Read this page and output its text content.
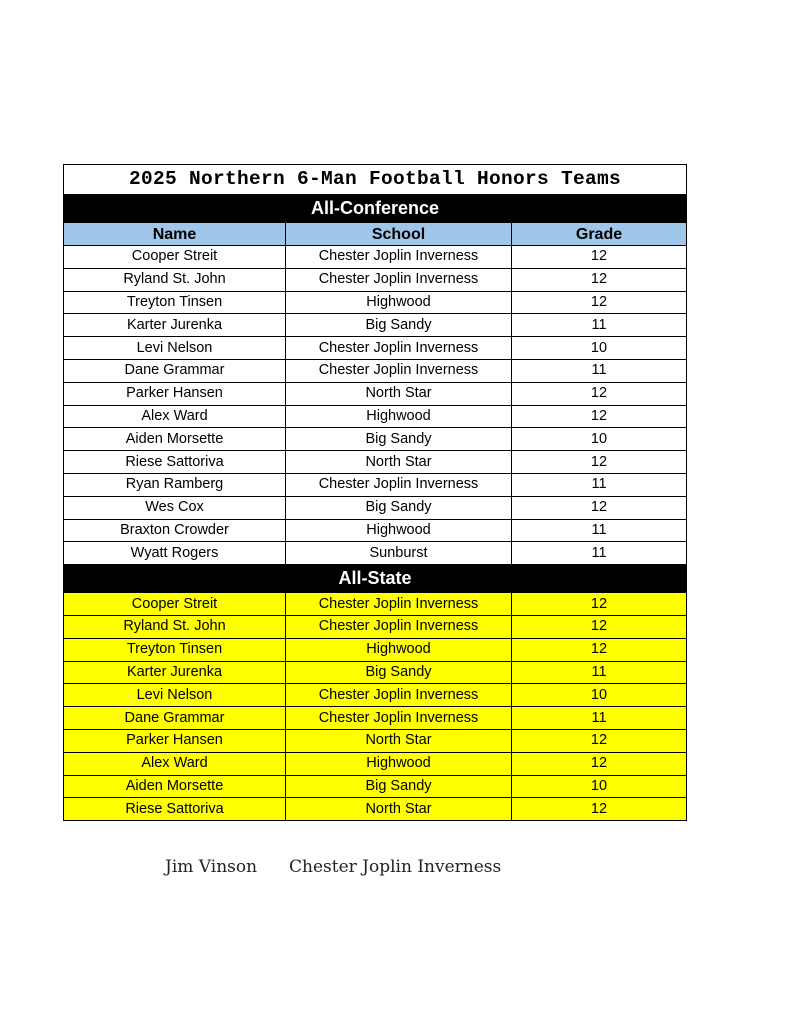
2025 Northern 6-Man Football Honors Teams		
All-Conference		
Name	School	Grade
Cooper Streit	Chester Joplin Inverness	12
Ryland St. John	Chester Joplin Inverness	12
Treyton Tinsen	Highwood	12
Karter Jurenka	Big Sandy	11
Levi Nelson	Chester Joplin Inverness	10
Dane Grammar	Chester Joplin Inverness	11
Parker Hansen	North Star	12
Alex Ward	Highwood	12
Aiden Morsette	Big Sandy	10
Riese Sattoriva	North Star	12
Ryan Ramberg	Chester Joplin Inverness	11
Wes Cox	Big Sandy	12
Braxton Crowder	Highwood	11
Wyatt Rogers	Sunburst	11
All-State		
Cooper Streit	Chester Joplin Inverness	12
Ryland St. John	Chester Joplin Inverness	12
Treyton Tinsen	Highwood	12
Karter Jurenka	Big Sandy	11
Levi Nelson	Chester Joplin Inverness	10
Dane Grammar	Chester Joplin Inverness	11
Parker Hansen	North Star	12
Alex Ward	Highwood	12
Aiden Morsette	Big Sandy	10
Riese Sattoriva	North Star	12
Jim Vinson Chester Joplin Inverness
